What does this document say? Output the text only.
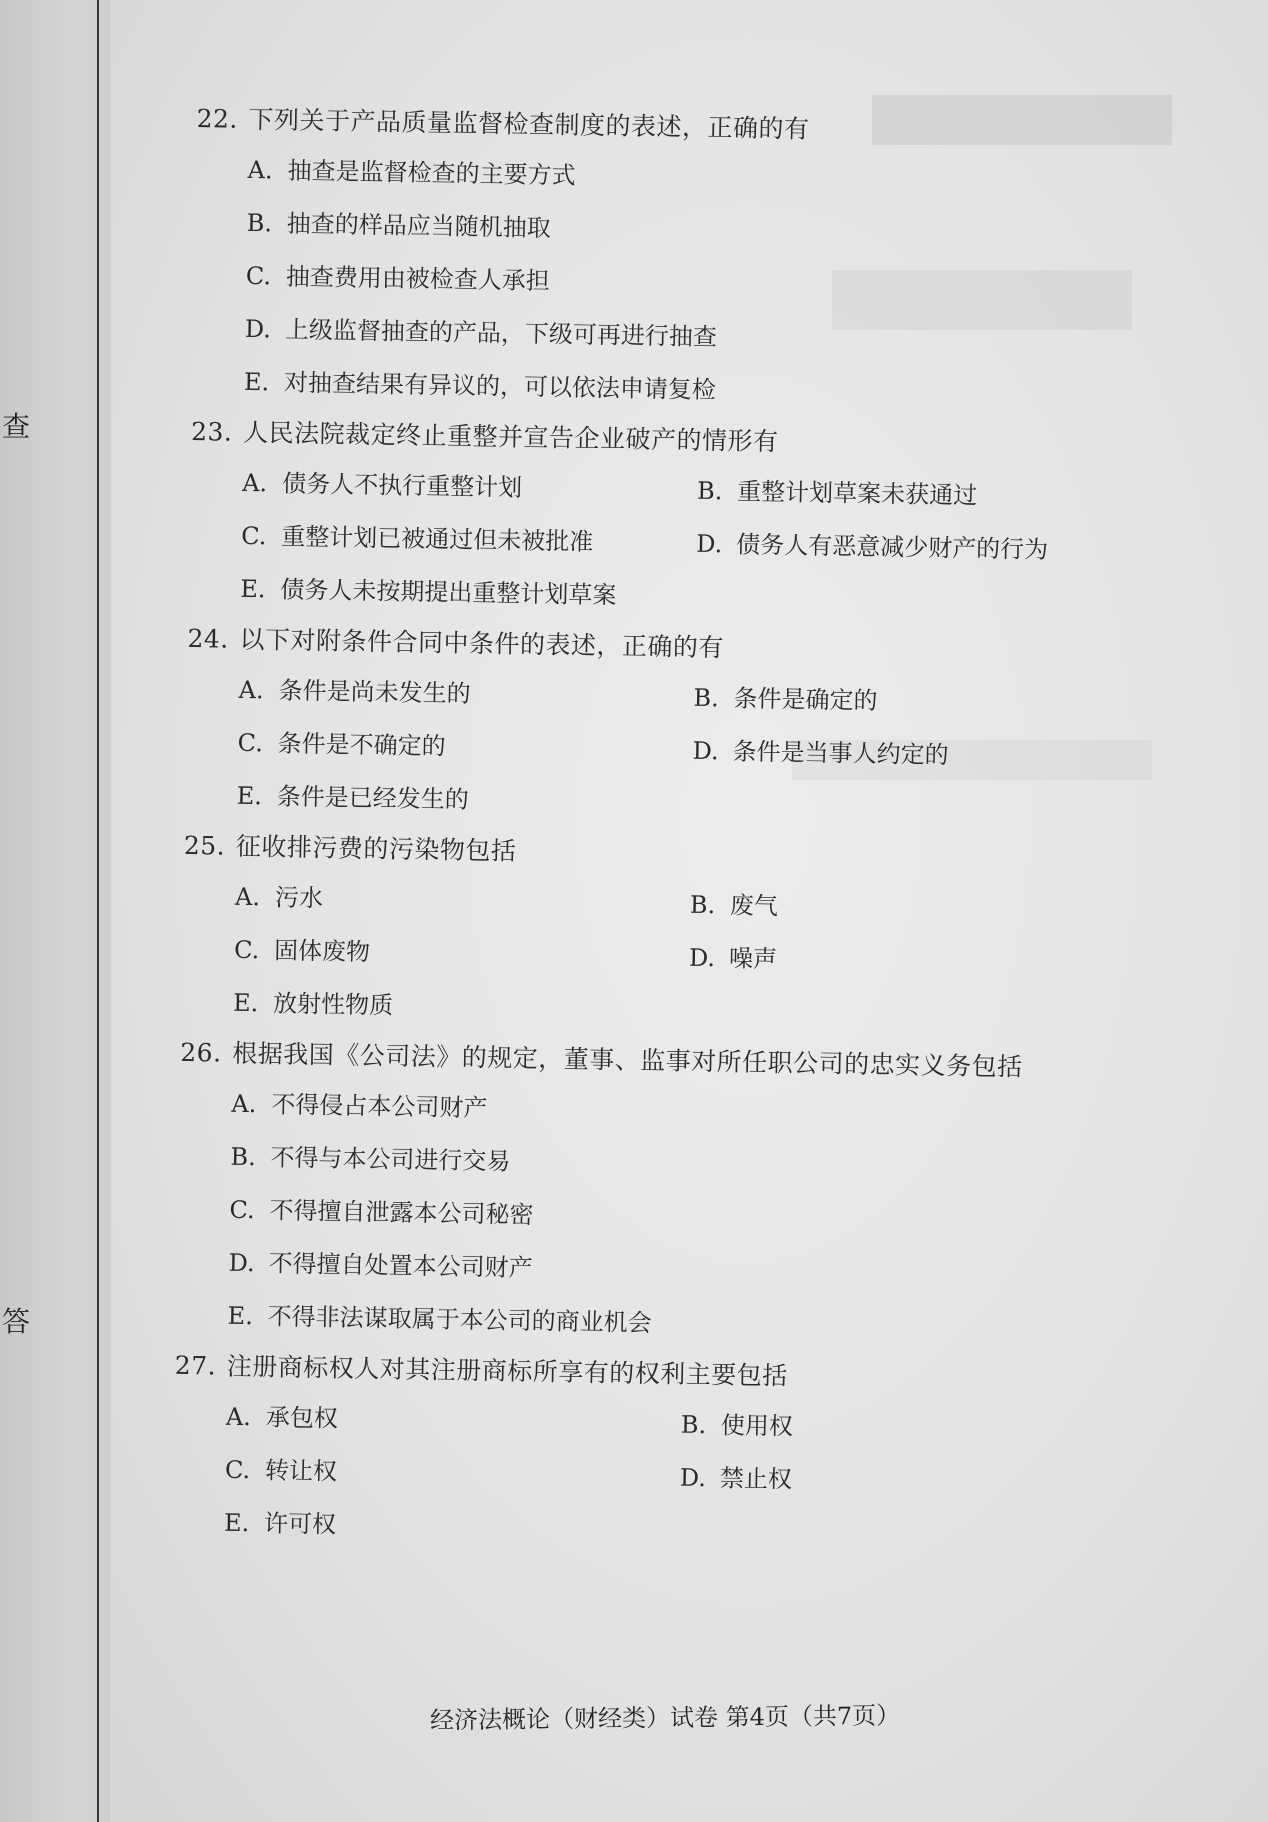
查
答
22. 下列关于产品质量监督检查制度的表述，正确的有
A. 抽查是监督检查的主要方式
B. 抽查的样品应当随机抽取
C. 抽查费用由被检查人承担
D. 上级监督抽查的产品，下级可再进行抽查
E. 对抽查结果有异议的，可以依法申请复检
23. 人民法院裁定终止重整并宣告企业破产的情形有
A. 债务人不执行重整计划	B. 重整计划草案未获通过
C. 重整计划已被通过但未被批准	D. 债务人有恶意减少财产的行为
E. 债务人未按期提出重整计划草案
24. 以下对附条件合同中条件的表述，正确的有
A. 条件是尚未发生的	B. 条件是确定的
C. 条件是不确定的	D. 条件是当事人约定的
E. 条件是已经发生的
25. 征收排污费的污染物包括
A. 污水	B. 废气
C. 固体废物	D. 噪声
E. 放射性物质
26. 根据我国《公司法》的规定，董事、监事对所任职公司的忠实义务包括
A. 不得侵占本公司财产
B. 不得与本公司进行交易
C. 不得擅自泄露本公司秘密
D. 不得擅自处置本公司财产
E. 不得非法谋取属于本公司的商业机会
27. 注册商标权人对其注册商标所享有的权利主要包括
A. 承包权	B. 使用权
C. 转让权	D. 禁止权
E. 许可权
经济法概论（财经类）试卷 第4页（共7页）
